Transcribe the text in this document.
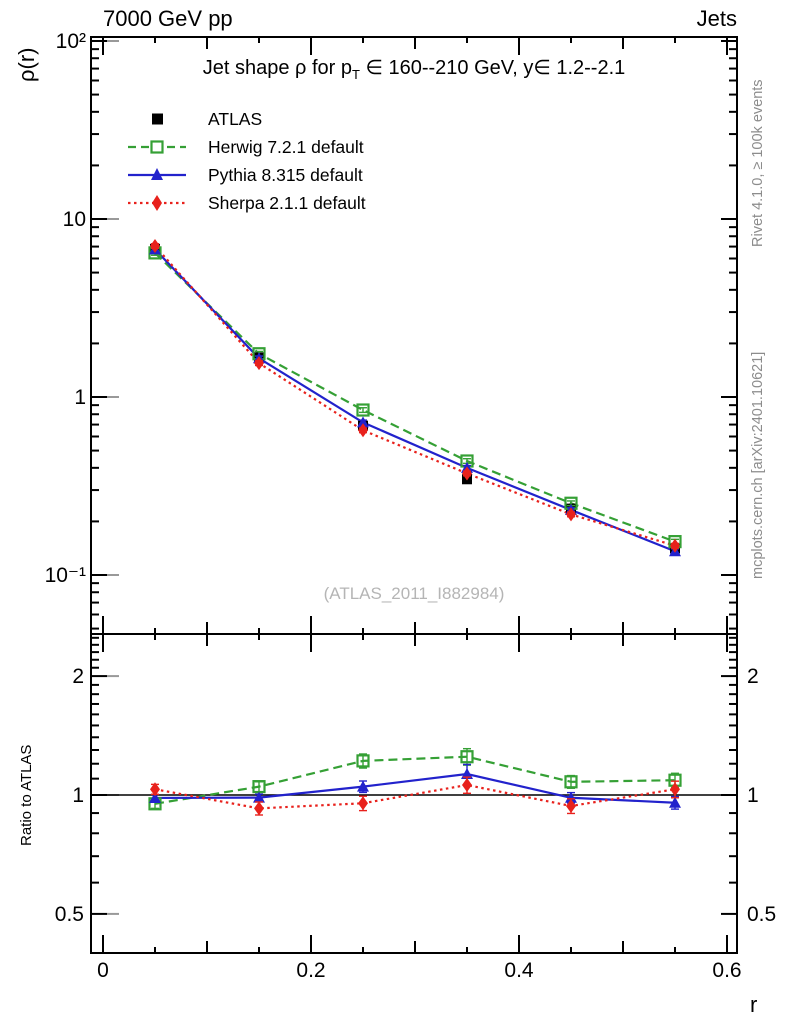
7000 GeV pp	Jets
Jet shape ρ for $p_T$ ∈ 160--210 GeV, y∈ 1.2--2.1
ρ(r)
Ratio to ATLAS
r
ATLAS
Herwig 7.2.1 default
Pythia 8.315 default
Sherpa 2.1.1 default
(ATLAS_2011_I882984)
Rivet 4.1.0, ≥ 100k events
mcplots.cern.ch [arXiv:2401.10621]
0	0.2	0.4	0.6
10²
10
1
10⁻¹
2	2
1	1
0.5	0.5
